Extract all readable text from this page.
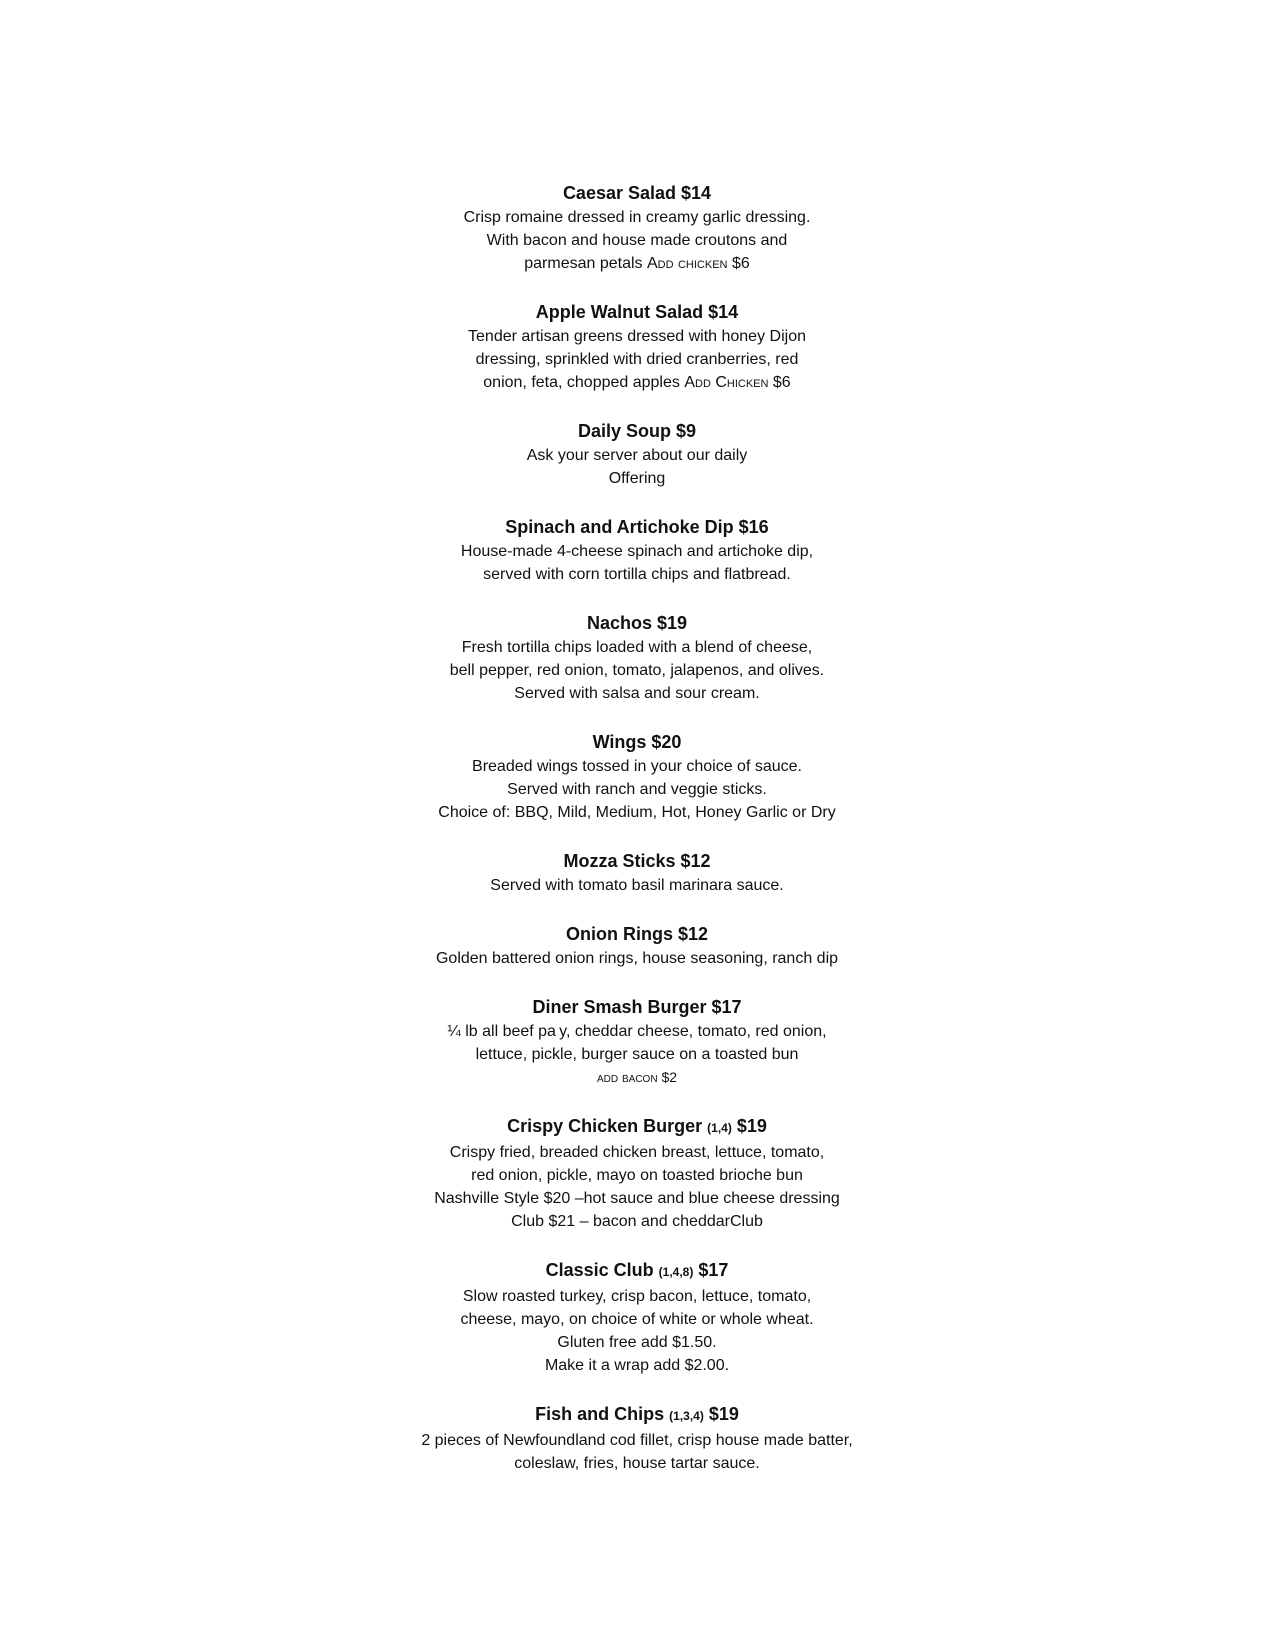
Caesar Salad $14

Crisp romaine dressed in creamy garlic dressing.

With bacon and house made croutons and

parmesan petals Add chicken $6

Apple Walnut Salad $14

Tender artisan greens dressed with honey Dijon

dressing, sprinkled with dried cranberries, red

onion, feta, chopped apples Add Chicken $6

Daily Soup $9

Ask your server about our daily

Offering

Spinach and Artichoke Dip $16

House-made 4-cheese spinach and artichoke dip,

served with corn tortilla chips and flatbread.

Nachos $19

Fresh tortilla chips loaded with a blend of cheese,

bell pepper, red onion, tomato, jalapenos, and olives.

Served with salsa and sour cream.

Wings $20

Breaded wings tossed in your choice of sauce.

Served with ranch and veggie sticks.

Choice of: BBQ, Mild, Medium, Hot, Honey Garlic or Dry

Mozza Sticks $12

Served with tomato basil marinara sauce.

Onion Rings $12

Golden battered onion rings, house seasoning, ranch dip

Diner Smash Burger $17

¼ lb all beef pa y, cheddar cheese, tomato, red onion,

lettuce, pickle, burger sauce on a toasted bun

add bacon $2

Crispy Chicken Burger (1,4) $19

Crispy fried, breaded chicken breast, lettuce, tomato,

red onion, pickle, mayo on toasted brioche bun

Nashville Style $20 –hot sauce and blue cheese dressing

Club $21 – bacon and cheddarClub

Classic Club (1,4,8) $17

Slow roasted turkey, crisp bacon, lettuce, tomato,

cheese, mayo, on choice of white or whole wheat.

Gluten free add $1.50.

Make it a wrap add $2.00.

Fish and Chips (1,3,4) $19

2 pieces of Newfoundland cod fillet, crisp house made batter,

coleslaw, fries, house tartar sauce.
